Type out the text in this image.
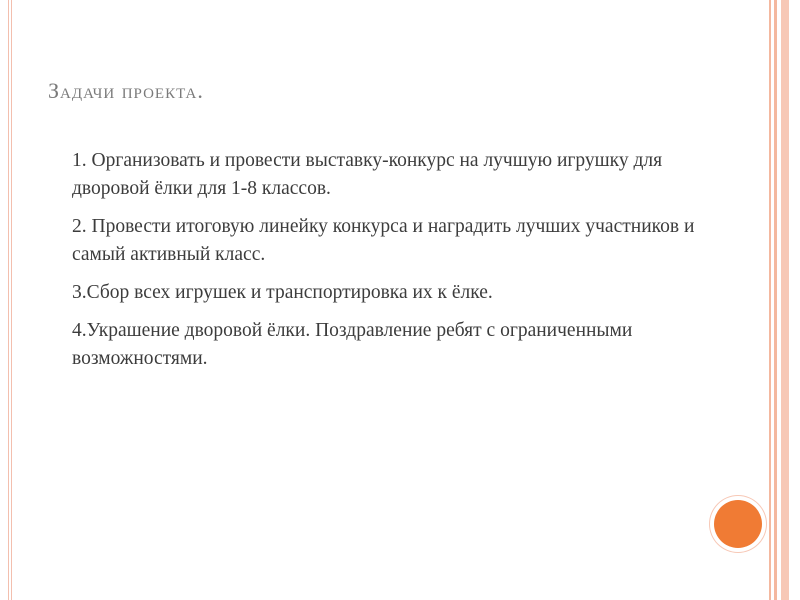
Задачи проекта.
1. Организовать и провести выставку-конкурс на лучшую игрушку для дворовой ёлки для 1-8 классов.
2. Провести итоговую линейку конкурса и наградить лучших участников и самый активный класс.
3.Сбор всех игрушек и транспортировка их к ёлке.
4.Украшение дворовой ёлки. Поздравление ребят с ограниченными возможностями.
